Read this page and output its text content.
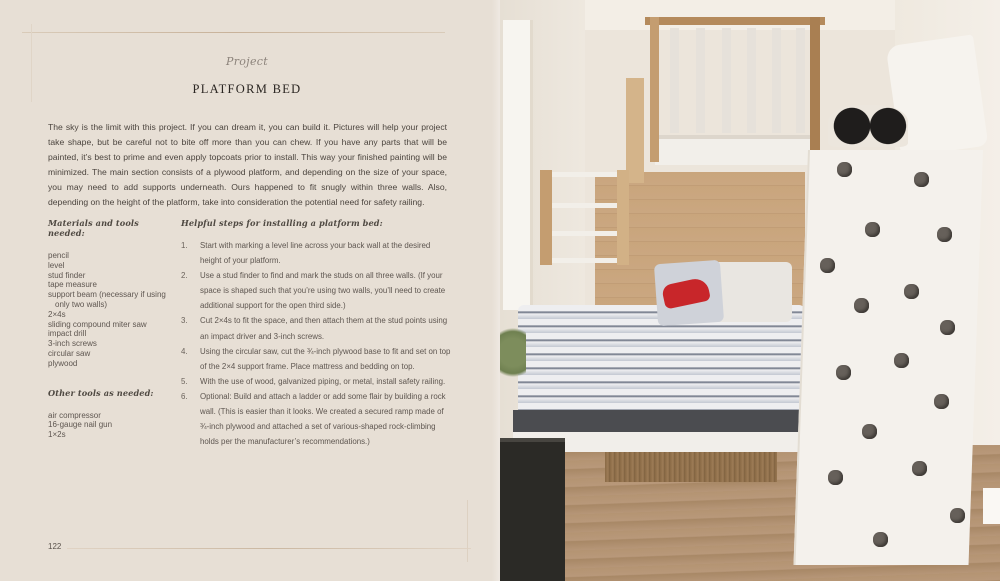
Project
PLATFORM BED

The sky is the limit with this project. If you can dream it, you can build it. Pictures will help your project take shape, but be careful not to bite off more than you can chew. If you have any parts that will be painted, it’s best to prime and even apply topcoats prior to install. This way your finished painting will be minimized. The main section consists of a plywood platform, and depending on the size of your space, you may need to add supports underneath. Ours happened to fit snugly within three walls. Also, depending on the height of the platform, take into consideration the potential need for safety railing.

Materials and tools needed:
pencil
level
stud finder
tape measure
support beam (necessary if using only two walls)
2×4s
sliding compound miter saw
impact drill
3-inch screws
circular saw
plywood
Other tools as needed:
air compressor
16-gauge nail gun
1×2s
Helpful steps for installing a platform bed:
1.	Start with marking a level line across your back wall at the desired height of your platform.
2.	Use a stud finder to find and mark the studs on all three walls. (If your space is shaped such that you’re using two walls, you’ll need to create additional support for the open third side.)
3.	Cut 2×4s to fit the space, and then attach them at the stud points using an impact driver and 3-inch screws.
4.	Using the circular saw, cut the ¾-inch plywood base to fit and set on top of the 2×4 support frame. Place mattress and bedding on top.
5.	With the use of wood, galvanized piping, or metal, install safety railing.
6.	Optional: Build and attach a ladder or add some flair by building a rock wall. (This is easier than it looks. We created a secured ramp made of ¾-inch plywood and attached a set of various-shaped rock-climbing holds per the manufacturer’s recommendations.)
122
